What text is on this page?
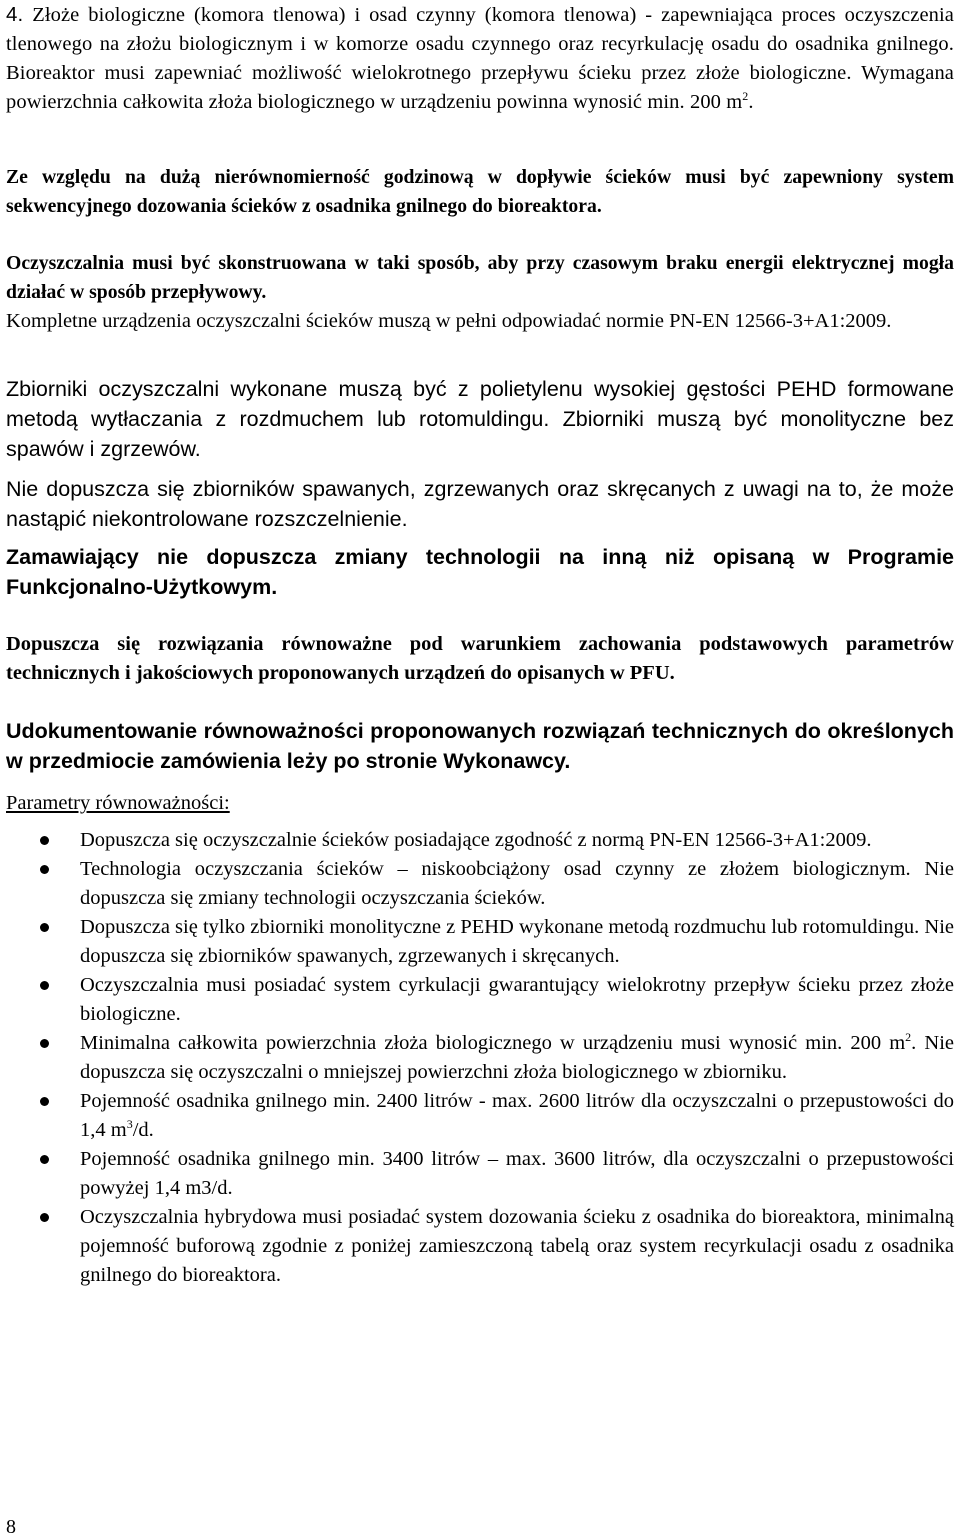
4. Złoże biologiczne (komora tlenowa) i osad czynny (komora tlenowa) - zapewniająca proces oczyszczenia tlenowego na złożu biologicznym i w komorze osadu czynnego oraz recyrkulację osadu do osadnika gnilnego. Bioreaktor musi zapewniać możliwość wielokrotnego przepływu ścieku przez złoże biologiczne. Wymagana powierzchnia całkowita złoża biologicznego w urządzeniu powinna wynosić min. 200 $m^2$.

Ze względu na dużą nierównomierność godzinową w dopływie ścieków musi być zapewniony system sekwencyjnego dozowania ścieków z osadnika gnilnego do bioreaktora.

Oczyszczalnia musi być skonstruowana w taki sposób, aby przy czasowym braku energii elektrycznej mogła działać w sposób przepływowy.

Kompletne urządzenia oczyszczalni ścieków muszą w pełni odpowiadać normie PN-EN 12566-3+A1:2009.

Zbiorniki oczyszczalni wykonane muszą być z polietylenu wysokiej gęstości PEHD formowane metodą wytłaczania z rozdmuchem lub rotomuldingu. Zbiorniki muszą być monolityczne bez spawów i zgrzewów.

Nie dopuszcza się zbiorników spawanych, zgrzewanych oraz skręcanych z uwagi na to, że może nastąpić niekontrolowane rozszczelnienie.

Zamawiający nie dopuszcza zmiany technologii na inną niż opisaną w Programie Funkcjonalno-Użytkowym.

Dopuszcza się rozwiązania równoważne pod warunkiem zachowania podstawowych parametrów technicznych i jakościowych proponowanych urządzeń do opisanych w PFU.

Udokumentowanie równoważności proponowanych rozwiązań technicznych do określonych w przedmiocie zamówienia leży po stronie Wykonawcy.

Parametry równoważności:

Dopuszcza się oczyszczalnie ścieków posiadające zgodność z normą PN-EN 12566-3+A1:2009.
Technologia oczyszczania ścieków – niskoobciążony osad czynny ze złożem biologicznym. Nie dopuszcza się zmiany technologii oczyszczania ścieków.
Dopuszcza się tylko zbiorniki monolityczne z PEHD wykonane metodą rozdmuchu lub rotomuldingu. Nie dopuszcza się zbiorników spawanych, zgrzewanych i skręcanych.
Oczyszczalnia musi posiadać system cyrkulacji gwarantujący wielokrotny przepływ ścieku przez złoże biologiczne.
Minimalna całkowita powierzchnia złoża biologicznego w urządzeniu musi wynosić min. 200 $m^2$. Nie dopuszcza się oczyszczalni o mniejszej powierzchni złoża biologicznego w zbiorniku.
Pojemność osadnika gnilnego min. 2400 litrów - max. 2600 litrów dla oczyszczalni o przepustowości do 1,4 $m^3/d$.
Pojemność osadnika gnilnego min. 3400 litrów – max. 3600 litrów, dla oczyszczalni o przepustowości powyżej 1,4 m3/d.
Oczyszczalnia hybrydowa musi posiadać system dozowania ścieku z osadnika do bioreaktora, minimalną pojemność buforową zgodnie z poniżej zamieszczoną tabelą oraz system recyrkulacji osadu z osadnika gnilnego do bioreaktora.
8
